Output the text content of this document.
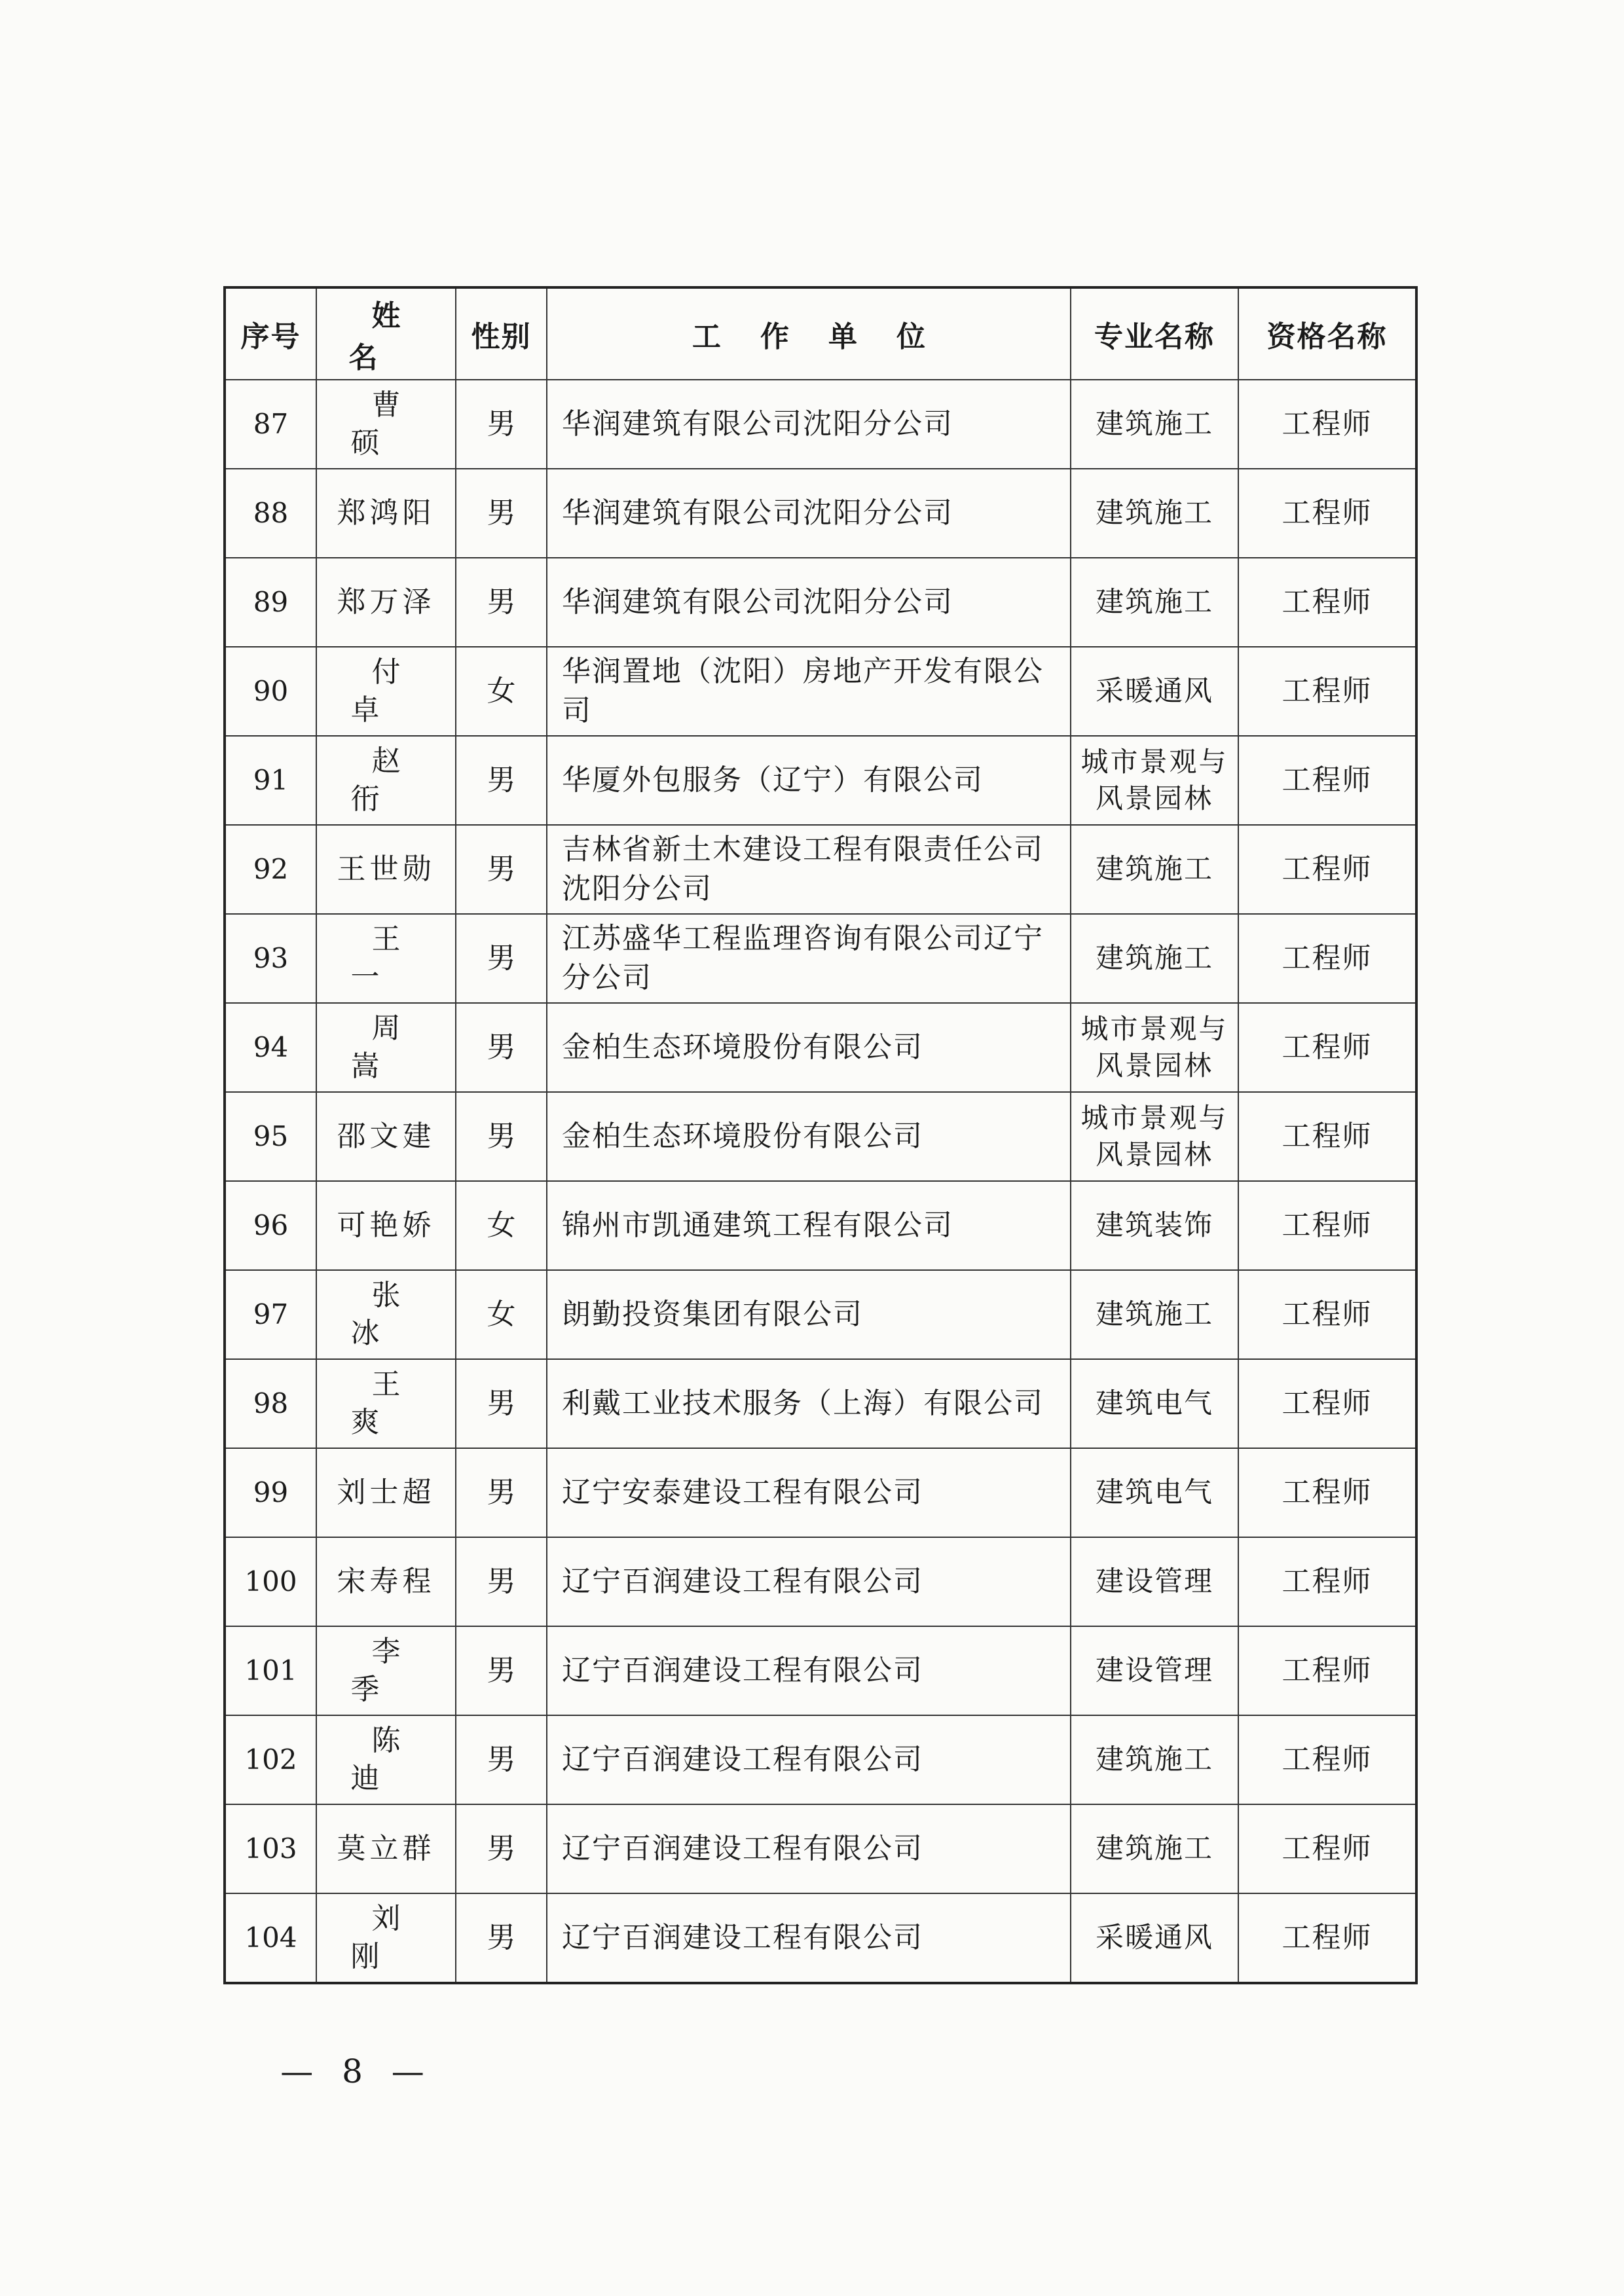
序号	姓名	性别	工作单位	专业名称	资格名称
87	曹硕	男	华润建筑有限公司沈阳分公司	建筑施工	工程师
88	郑鸿阳	男	华润建筑有限公司沈阳分公司	建筑施工	工程师
89	郑万泽	男	华润建筑有限公司沈阳分公司	建筑施工	工程师
90	付卓	女	华润置地（沈阳）房地产开发有限公司	采暖通风	工程师
91	赵衎	男	华厦外包服务（辽宁）有限公司	城市景观与风景园林	工程师
92	王世勋	男	吉林省新土木建设工程有限责任公司沈阳分公司	建筑施工	工程师
93	王一	男	江苏盛华工程监理咨询有限公司辽宁分公司	建筑施工	工程师
94	周嵩	男	金柏生态环境股份有限公司	城市景观与风景园林	工程师
95	邵文建	男	金柏生态环境股份有限公司	城市景观与风景园林	工程师
96	可艳娇	女	锦州市凯通建筑工程有限公司	建筑装饰	工程师
97	张冰	女	朗勤投资集团有限公司	建筑施工	工程师
98	王爽	男	利戴工业技术服务（上海）有限公司	建筑电气	工程师
99	刘士超	男	辽宁安泰建设工程有限公司	建筑电气	工程师
100	宋寿程	男	辽宁百润建设工程有限公司	建设管理	工程师
101	李季	男	辽宁百润建设工程有限公司	建设管理	工程师
102	陈迪	男	辽宁百润建设工程有限公司	建筑施工	工程师
103	莫立群	男	辽宁百润建设工程有限公司	建筑施工	工程师
104	刘刚	男	辽宁百润建设工程有限公司	采暖通风	工程师
— 8 —
